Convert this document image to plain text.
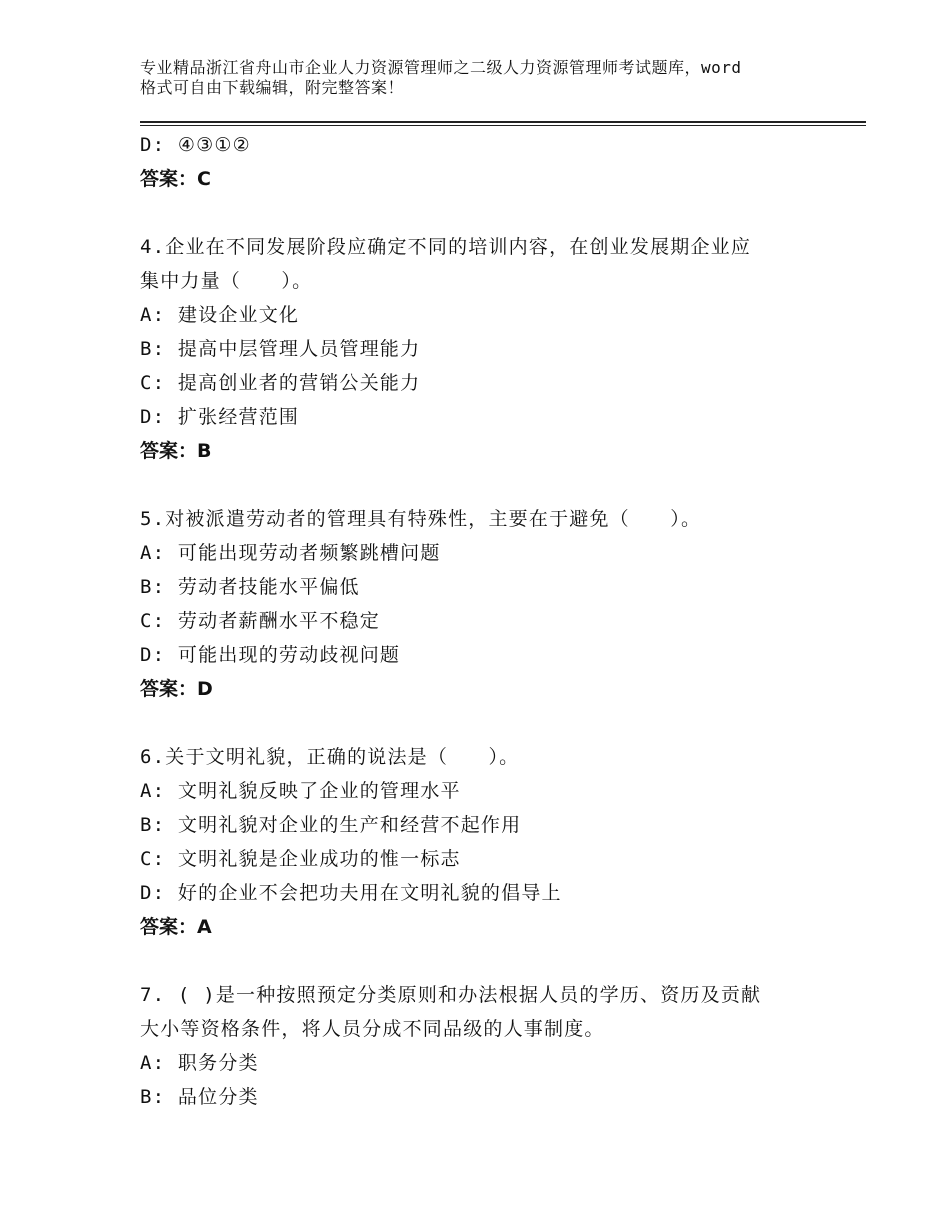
专业精品浙江省舟山市企业人力资源管理师之二级人力资源管理师考试题库，word
格式可自由下载编辑，附完整答案！
D: ④③①②
答案：C
4.企业在不同发展阶段应确定不同的培训内容，在创业发展期企业应
集中力量（　　）。
A: 建设企业文化
B: 提高中层管理人员管理能力
C: 提高创业者的营销公关能力
D: 扩张经营范围
答案：B
5.对被派遣劳动者的管理具有特殊性，主要在于避免（　　）。
A: 可能出现劳动者频繁跳槽问题
B: 劳动者技能水平偏低
C: 劳动者薪酬水平不稳定
D: 可能出现的劳动歧视问题
答案：D
6.关于文明礼貌，正确的说法是（　　）。
A: 文明礼貌反映了企业的管理水平
B: 文明礼貌对企业的生产和经营不起作用
C: 文明礼貌是企业成功的惟一标志
D: 好的企业不会把功夫用在文明礼貌的倡导上
答案：A
7. ( )是一种按照预定分类原则和办法根据人员的学历、资历及贡献
大小等资格条件，将人员分成不同品级的人事制度。
A: 职务分类
B: 品位分类
